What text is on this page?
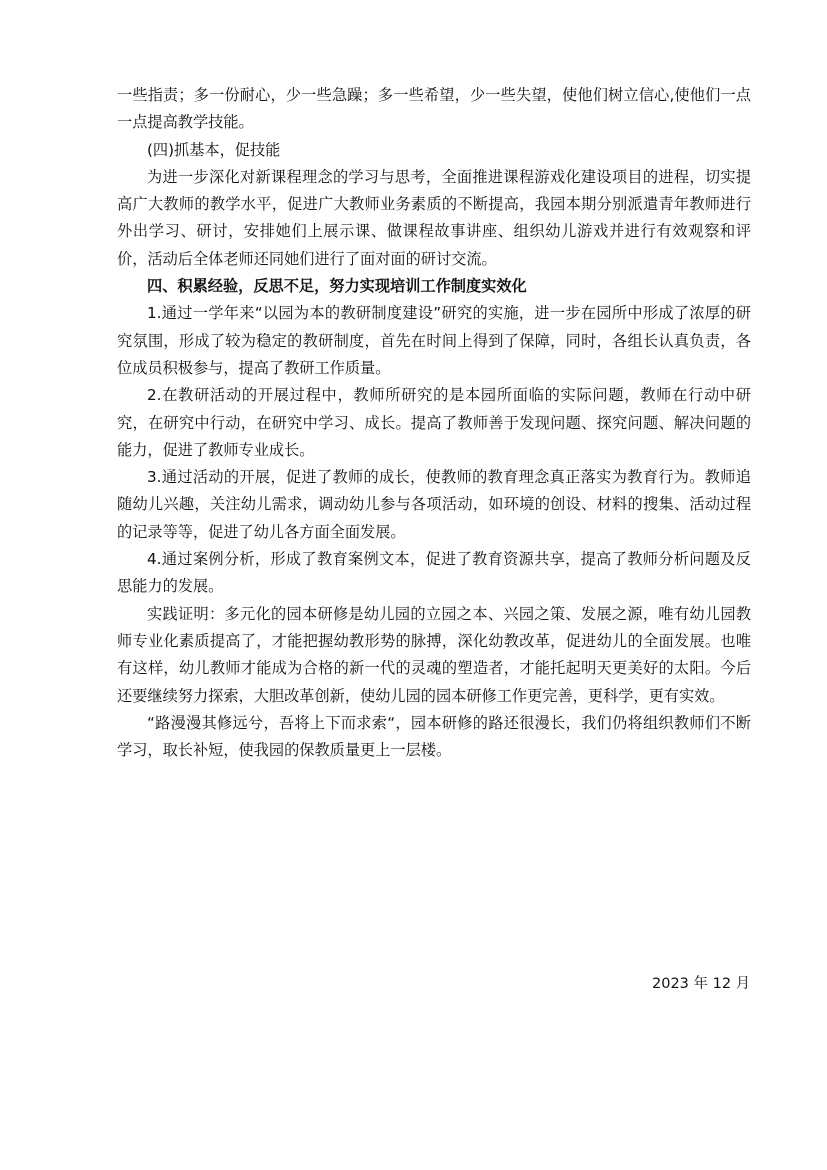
一些指责；多一份耐心，少一些急躁；多一些希望，少一些失望，使他们树立信心,使他们一点一点提高教学技能。

(四)抓基本，促技能

为进一步深化对新课程理念的学习与思考，全面推进课程游戏化建设项目的进程，切实提高广大教师的教学水平，促进广大教师业务素质的不断提高，我园本期分别派遣青年教师进行外出学习、研讨，安排她们上展示课、做课程故事讲座、组织幼儿游戏并进行有效观察和评价，活动后全体老师还同她们进行了面对面的研讨交流。

四、积累经验，反思不足，努力实现培训工作制度实效化

1.通过一学年来“以园为本的教研制度建设”研究的实施，进一步在园所中形成了浓厚的研究氛围，形成了较为稳定的教研制度，首先在时间上得到了保障，同时，各组长认真负责，各位成员积极参与，提高了教研工作质量。

2.在教研活动的开展过程中，教师所研究的是本园所面临的实际问题，教师在行动中研究，在研究中行动，在研究中学习、成长。提高了教师善于发现问题、探究问题、解决问题的能力，促进了教师专业成长。

3.通过活动的开展，促进了教师的成长，使教师的教育理念真正落实为教育行为。教师追随幼儿兴趣，关注幼儿需求，调动幼儿参与各项活动，如环境的创设、材料的搜集、活动过程的记录等等，促进了幼儿各方面全面发展。

4.通过案例分析，形成了教育案例文本，促进了教育资源共享，提高了教师分析问题及反思能力的发展。

实践证明：多元化的园本研修是幼儿园的立园之本、兴园之策、发展之源，唯有幼儿园教师专业化素质提高了，才能把握幼教形势的脉搏，深化幼教改革，促进幼儿的全面发展。也唯有这样，幼儿教师才能成为合格的新一代的灵魂的塑造者，才能托起明天更美好的太阳。今后还要继续努力探索，大胆改革创新，使幼儿园的园本研修工作更完善，更科学，更有实效。

“路漫漫其修远兮，吾将上下而求索“，园本研修的路还很漫长，我们仍将组织教师们不断学习，取长补短，使我园的保教质量更上一层楼。

2023 年 12 月
